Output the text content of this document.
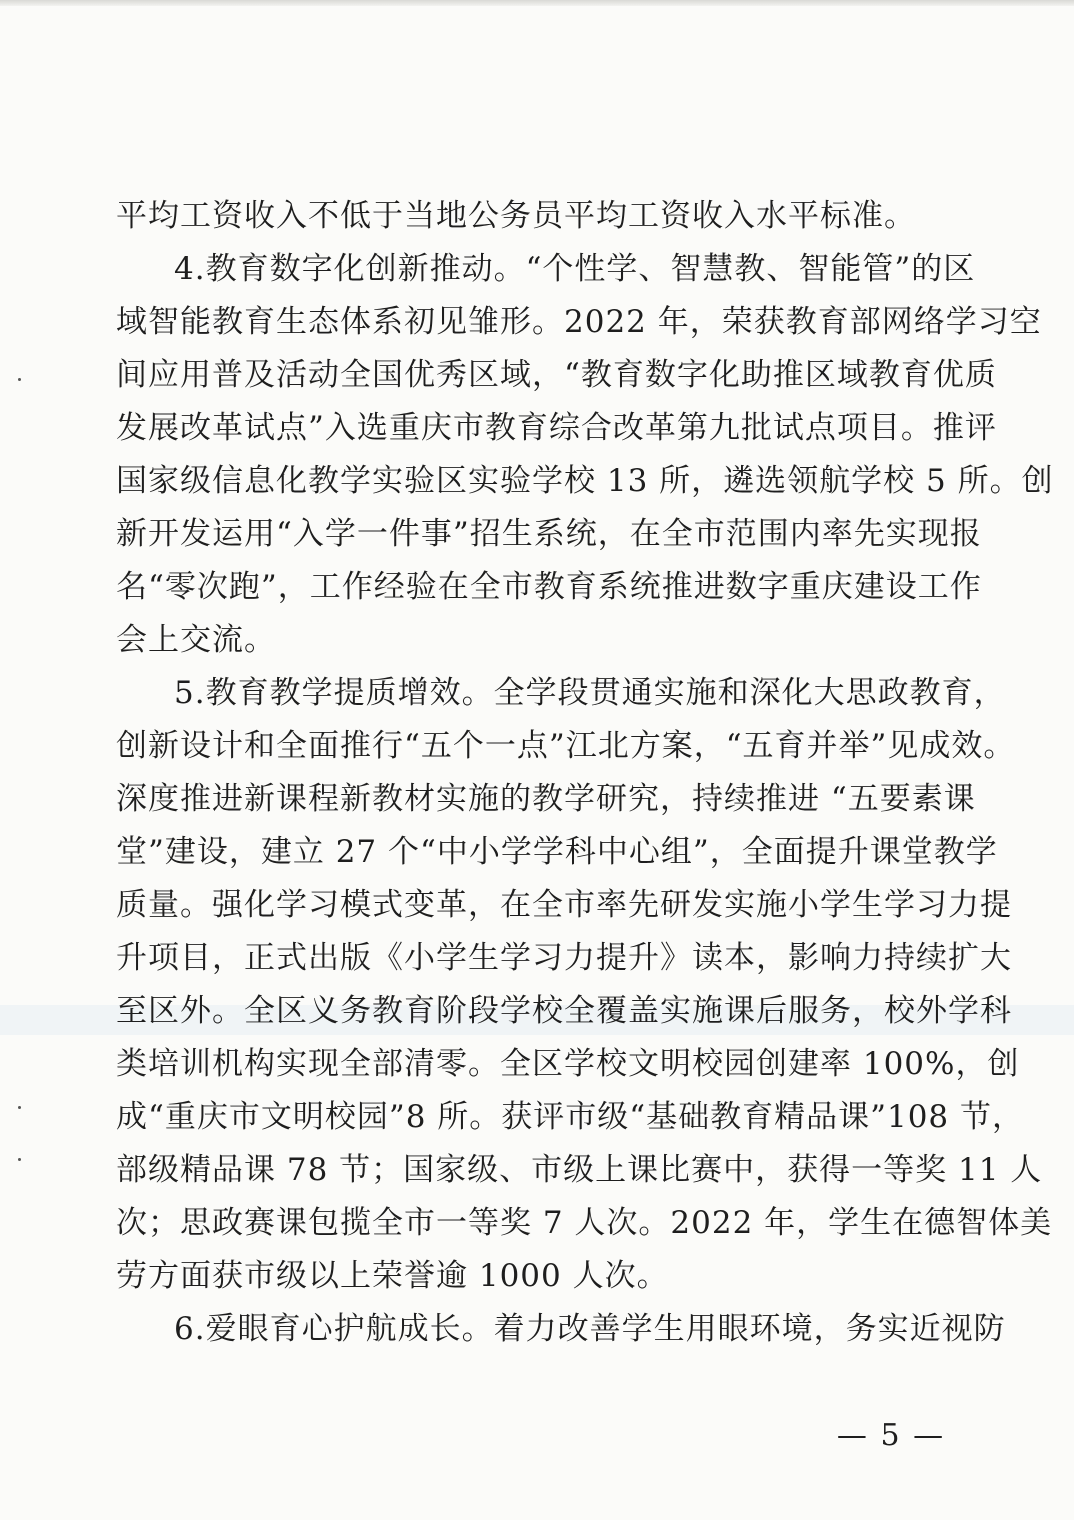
平均工资收入不低于当地公务员平均工资收入水平标准。
4.教育数字化创新推动。“个性学、智慧教、智能管”的区
域智能教育生态体系初见雏形。2022 年，荣获教育部网络学习空
间应用普及活动全国优秀区域，“教育数字化助推区域教育优质
发展改革试点”入选重庆市教育综合改革第九批试点项目。推评
国家级信息化教学实验区实验学校 13 所，遴选领航学校 5 所。创
新开发运用“入学一件事”招生系统，在全市范围内率先实现报
名“零次跑”，工作经验在全市教育系统推进数字重庆建设工作
会上交流。
5.教育教学提质增效。全学段贯通实施和深化大思政教育，
创新设计和全面推行“五个一点”江北方案，“五育并举”见成效。
深度推进新课程新教材实施的教学研究，持续推进 “五要素课
堂”建设，建立 27 个“中小学学科中心组”，全面提升课堂教学
质量。强化学习模式变革，在全市率先研发实施小学生学习力提
升项目，正式出版《小学生学习力提升》读本，影响力持续扩大
至区外。全区义务教育阶段学校全覆盖实施课后服务，校外学科
类培训机构实现全部清零。全区学校文明校园创建率 100%，创
成“重庆市文明校园”8 所。获评市级“基础教育精品课”108 节，
部级精品课 78 节；国家级、市级上课比赛中，获得一等奖 11 人
次；思政赛课包揽全市一等奖 7 人次。2022 年，学生在德智体美
劳方面获市级以上荣誉逾 1000 人次。
6.爱眼育心护航成长。着力改善学生用眼环境，务实近视防
— 5 —
